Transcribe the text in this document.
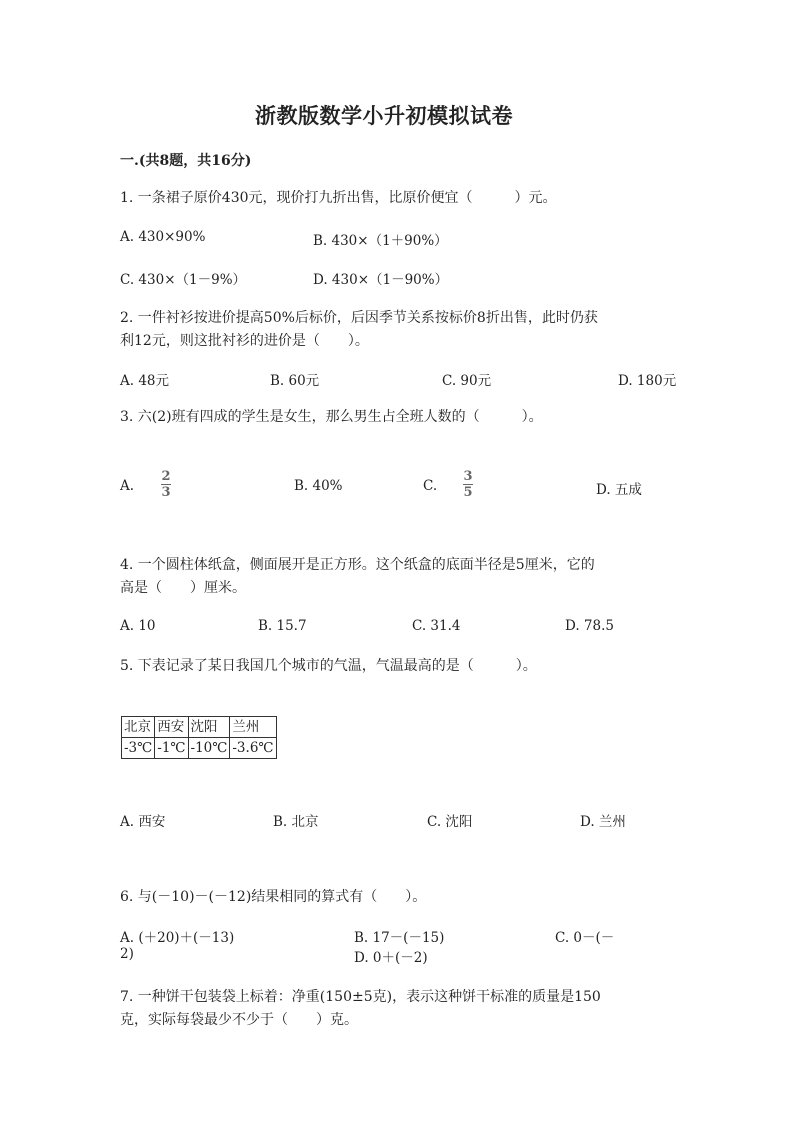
浙教版数学小升初模拟试卷
一.(共8题，共16分)
1. 一条裙子原价430元，现价打九折出售，比原价便宜（　　　）元。
A. 430×90%	B. 430×（1＋90%）
C. 430×（1－9%）	D. 430×（1－90%）
2. 一件衬衫按进价提高50%后标价，后因季节关系按标价8折出售，此时仍获
利12元，则这批衬衫的进价是（　　）。
A. 48元	B. 60元	C. 90元	D. 180元
3. 六(2)班有四成的学生是女生，那么男生占全班人数的（　　　）。
A. $\frac{2}{3}$	B. 40%	C. $\frac{3}{5}$	D. 五成
4. 一个圆柱体纸盒，侧面展开是正方形。这个纸盒的底面半径是5厘米，它的
高是（　　）厘米。
A. 10	B. 15.7	C. 31.4	D. 78.5
5. 下表记录了某日我国几个城市的气温，气温最高的是（　　　）。
北京	西安	沈阳	兰州
-3℃	-1℃	-10℃	-3.6℃
A. 西安	B. 北京	C. 沈阳	D. 兰州
6. 与(－10)－(－12)结果相同的算式有（　　）。
A. (＋20)＋(－13)	B. 17－(－15)	C. 0－(－
2)	D. 0＋(－2)
7. 一种饼干包装袋上标着：净重(150±5克)，表示这种饼干标准的质量是150
克，实际每袋最少不少于（　　）克。
